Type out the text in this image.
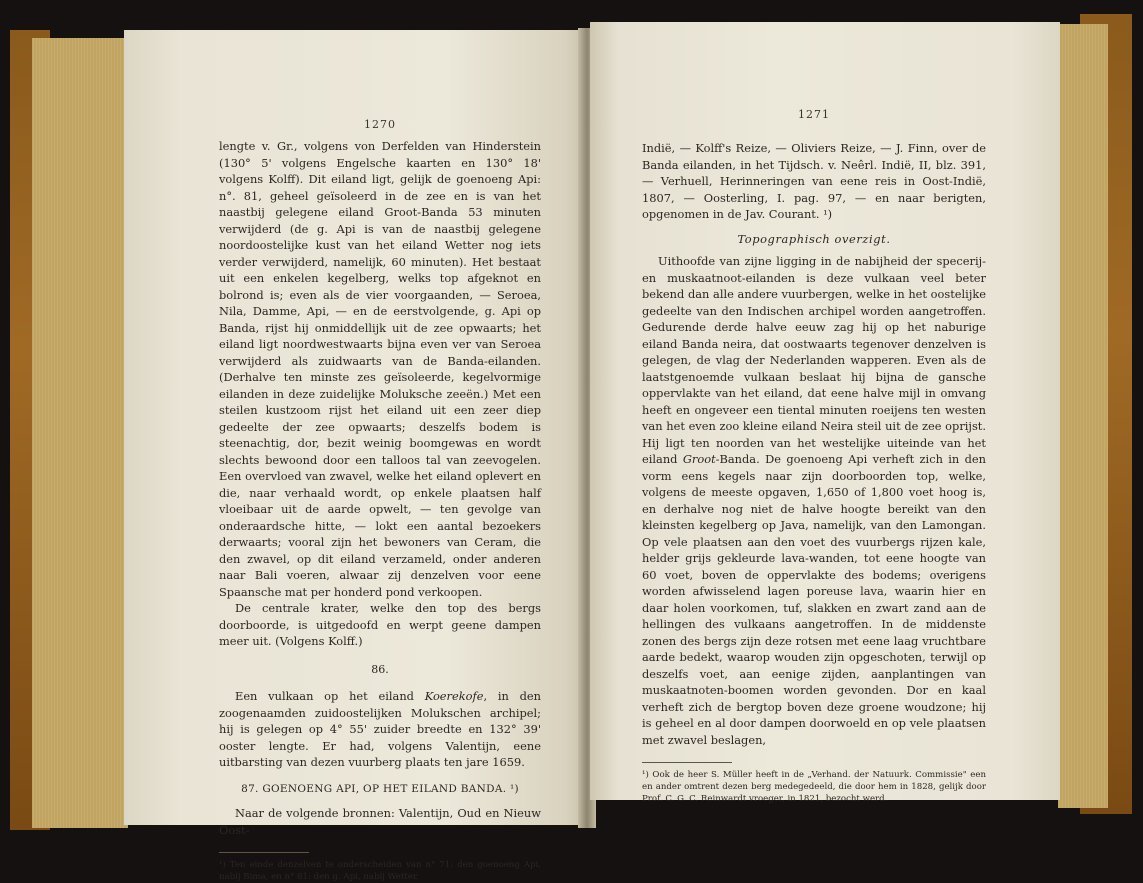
1270

lengte v. Gr., volgens von Derfelden van Hinderstein (130° 5' volgens Engelsche kaarten en 130° 18' volgens Kolff). Dit eiland ligt, gelijk de goenoeng Api: n°. 81, geheel geïsoleerd in de zee en is van het naastbij gelegene eiland Groot-Banda 53 minuten verwijderd (de g. Api is van de naastbij gelegene noordoostelijke kust van het eiland Wetter nog iets verder verwijderd, namelijk, 60 minuten). Het bestaat uit een enkelen kegelberg, welks top afgeknot en bolrond is; even als de vier voorgaanden, — Seroea, Nila, Damme, Api, — en de eerstvolgende, g. Api op Banda, rijst hij onmiddellijk uit de zee opwaarts; het eiland ligt noordwestwaarts bijna even ver van Seroea verwijderd als zuidwaarts van de Banda-eilanden. (Derhalve ten minste zes geïsoleerde, kegelvormige eilanden in deze zuidelijke Moluksche zeeën.) Met een steilen kustzoom rijst het eiland uit een zeer diep gedeelte der zee opwaarts; deszelfs bodem is steenachtig, dor, bezit weinig boomgewas en wordt slechts bewoond door een talloos tal van zeevogelen. Een overvloed van zwavel, welke het eiland oplevert en die, naar verhaald wordt, op enkele plaatsen half vloeibaar uit de aarde opwelt, — ten gevolge van onderaardsche hitte, — lokt een aantal bezoekers derwaarts; vooral zijn het bewoners van Ceram, die den zwavel, op dit eiland verzameld, onder anderen naar Bali voeren, alwaar zij denzelven voor eene Spaansche mat per honderd pond verkoopen.

De centrale krater, welke den top des bergs doorboorde, is uitgedoofd en werpt geene dampen meer uit. (Volgens Kolff.)

86.

Een vulkaan op het eiland Koerekofe, in den zoogenaamden zuidoostelijken Molukschen archipel; hij is gelegen op 4° 55' zuider breedte en 132° 39' ooster lengte. Er had, volgens Valentijn, eene uitbarsting van dezen vuurberg plaats ten jare 1659.

87. GOENOENG API, OP HET EILAND BANDA. ¹)

Naar de volgende bronnen: Valentijn, Oud en Nieuw Oost-

¹) Ten einde denzelven te onderscheiden van n° 71: den goenoeng Api, nabij Bima, en n° 81: den g. Api, nabij Wetter.

1271

Indië, — Kolff's Reize, — Oliviers Reize, — J. Finn, over de Banda eilanden, in het Tijdsch. v. Neêrl. Indië, II, blz. 391, — Verhuell, Herinneringen van eene reis in Oost-Indië, 1807, — Oosterling, I. pag. 97, — en naar berigten, opgenomen in de Jav. Courant. ¹)

Topographisch overzigt.

Uithoofde van zijne ligging in de nabijheid der specerij- en muskaatnoot-eilanden is deze vulkaan veel beter bekend dan alle andere vuurbergen, welke in het oostelijke gedeelte van den Indischen archipel worden aangetroffen. Gedurende derde halve eeuw zag hij op het naburige eiland Banda neira, dat oostwaarts tegenover denzelven is gelegen, de vlag der Nederlanden wapperen. Even als de laatstgenoemde vulkaan beslaat hij bijna de gansche oppervlakte van het eiland, dat eene halve mijl in omvang heeft en ongeveer een tiental minuten roeijens ten westen van het even zoo kleine eiland Neira steil uit de zee oprijst. Hij ligt ten noorden van het westelijke uiteinde van het eiland Groot-Banda. De goenoeng Api verheft zich in den vorm eens kegels naar zijn doorboorden top, welke, volgens de meeste opgaven, 1,650 of 1,800 voet hoog is, en derhalve nog niet de halve hoogte bereikt van den kleinsten kegelberg op Java, namelijk, van den Lamongan. Op vele plaatsen aan den voet des vuurbergs rijzen kale, helder grijs gekleurde lava-wanden, tot eene hoogte van 60 voet, boven de oppervlakte des bodems; overigens worden afwisselend lagen poreuse lava, waarin hier en daar holen voorkomen, tuf, slakken en zwart zand aan de hellingen des vulkaans aangetroffen. In de middenste zonen des bergs zijn deze rotsen met eene laag vruchtbare aarde bedekt, waarop wouden zijn opgeschoten, terwijl op deszelfs voet, aan eenige zijden, aanplantingen van muskaatnoten-boomen worden gevonden. Dor en kaal verheft zich de bergtop boven deze groene woudzone; hij is geheel en al door dampen doorwoeld en op vele plaatsen met zwavel beslagen,

¹) Ook de heer S. Müller heeft in de „Verhand. der Natuurk. Commissie" een en ander omtrent dezen berg medegedeeld, die door hem in 1828, gelijk door Prof. C. G. C. Reinwardt vroeger, in 1821, bezocht werd.
